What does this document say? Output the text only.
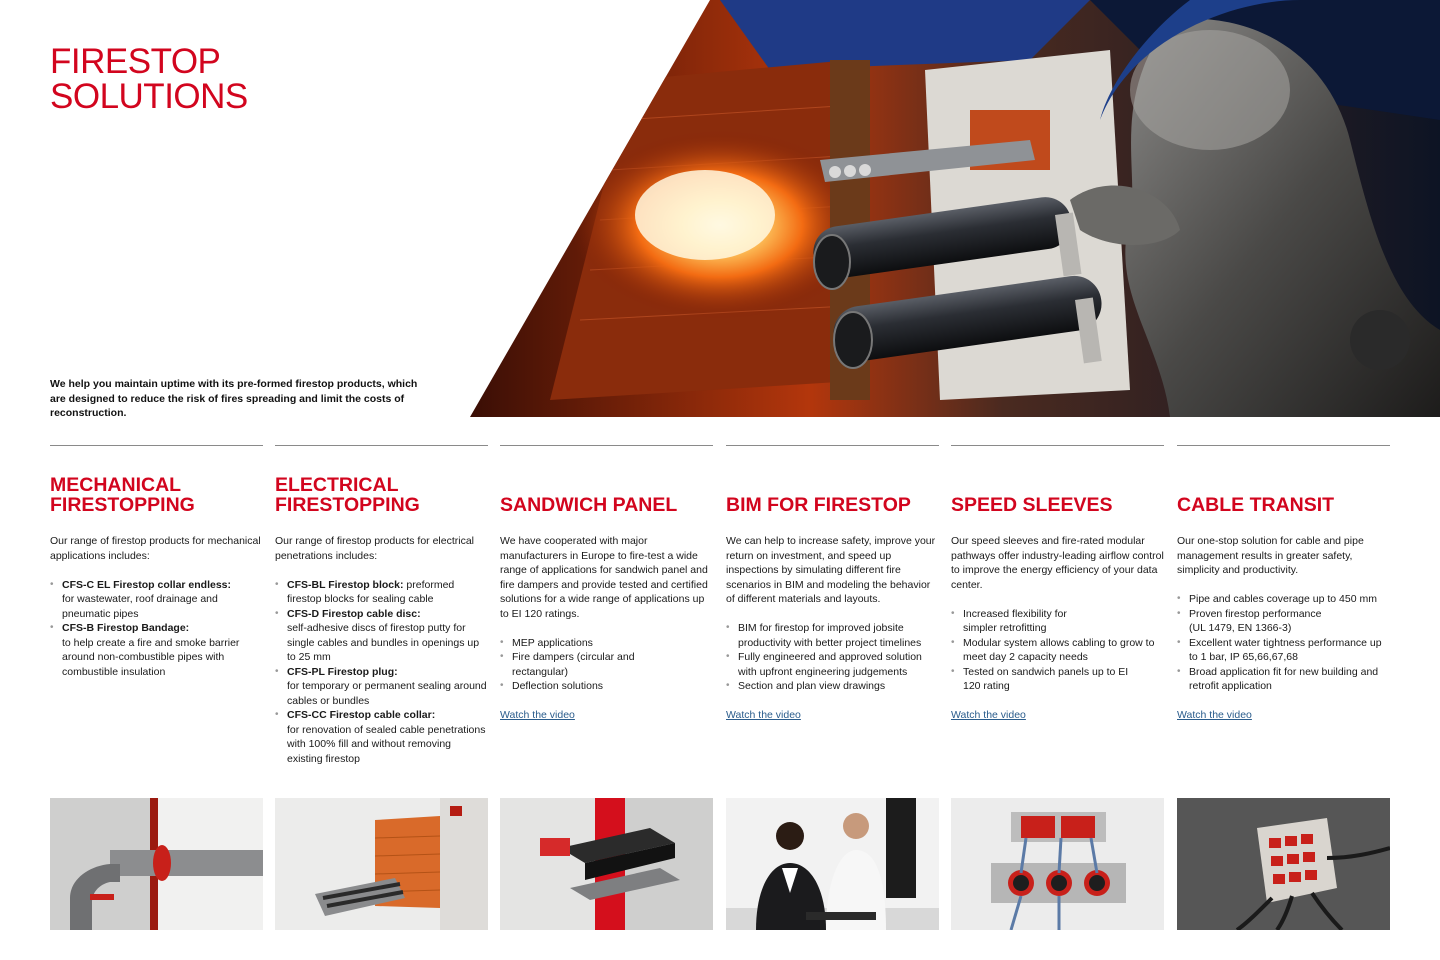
FIRESTOP
SOLUTIONS

We help you maintain uptime with its pre-formed firestop products, which are designed to reduce the risk of fires spreading and limit the costs of reconstruction.

MECHANICAL
FIRESTOPPING

Our range of firestop products for mechanical applications includes:

• CFS-C EL Firestop collar endless:
for wastewater, roof drainage and pneumatic pipes
• CFS-B Firestop Bandage:
to help create a fire and smoke barrier around non-combustible pipes with combustible insulation
ELECTRICAL
FIRESTOPPING

Our range of firestop products for electrical penetrations includes:

• CFS-BL Firestop block: preformed firestop blocks for sealing cable
• CFS-D Firestop cable disc:
self-adhesive discs of firestop putty for single cables and bundles in openings up to 25 mm
• CFS-PL Firestop plug:
for temporary or permanent sealing around cables or bundles
• CFS-CC Firestop cable collar:
for renovation of sealed cable penetrations with 100% fill and without removing existing firestop
SANDWICH PANEL

We have cooperated with major manufacturers in Europe to fire-test a wide range of applications for sandwich panel and fire dampers and provide tested and certified solutions for a wide range of applications up to EI 120 ratings.

• MEP applications
• Fire dampers (circular and rectangular)
• Deflection solutions
Watch the video
BIM FOR FIRESTOP

We can help to increase safety, improve your return on investment, and speed up inspections by simulating different fire scenarios in BIM and modeling the behavior of different materials and layouts.

• BIM for firestop for improved jobsite productivity with better project timelines
• Fully engineered and approved solution with upfront engineering judgements
• Section and plan view drawings
Watch the video
SPEED SLEEVES

Our speed sleeves and fire-rated modular pathways offer industry-leading airflow control to improve the energy efficiency of your data center.

• Increased flexibility for simpler retrofitting
• Modular system allows cabling to grow to meet day 2 capacity needs
• Tested on sandwich panels up to EI 120 rating
Watch the video
CABLE TRANSIT

Our one-stop solution for cable and pipe management results in greater safety, simplicity and productivity.

• Pipe and cables coverage up to 450 mm
• Proven firestop performance (UL 1479, EN 1366-3)
• Excellent water tightness performance up to 1 bar, IP 65,66,67,68
• Broad application fit for new building and retrofit application
Watch the video
